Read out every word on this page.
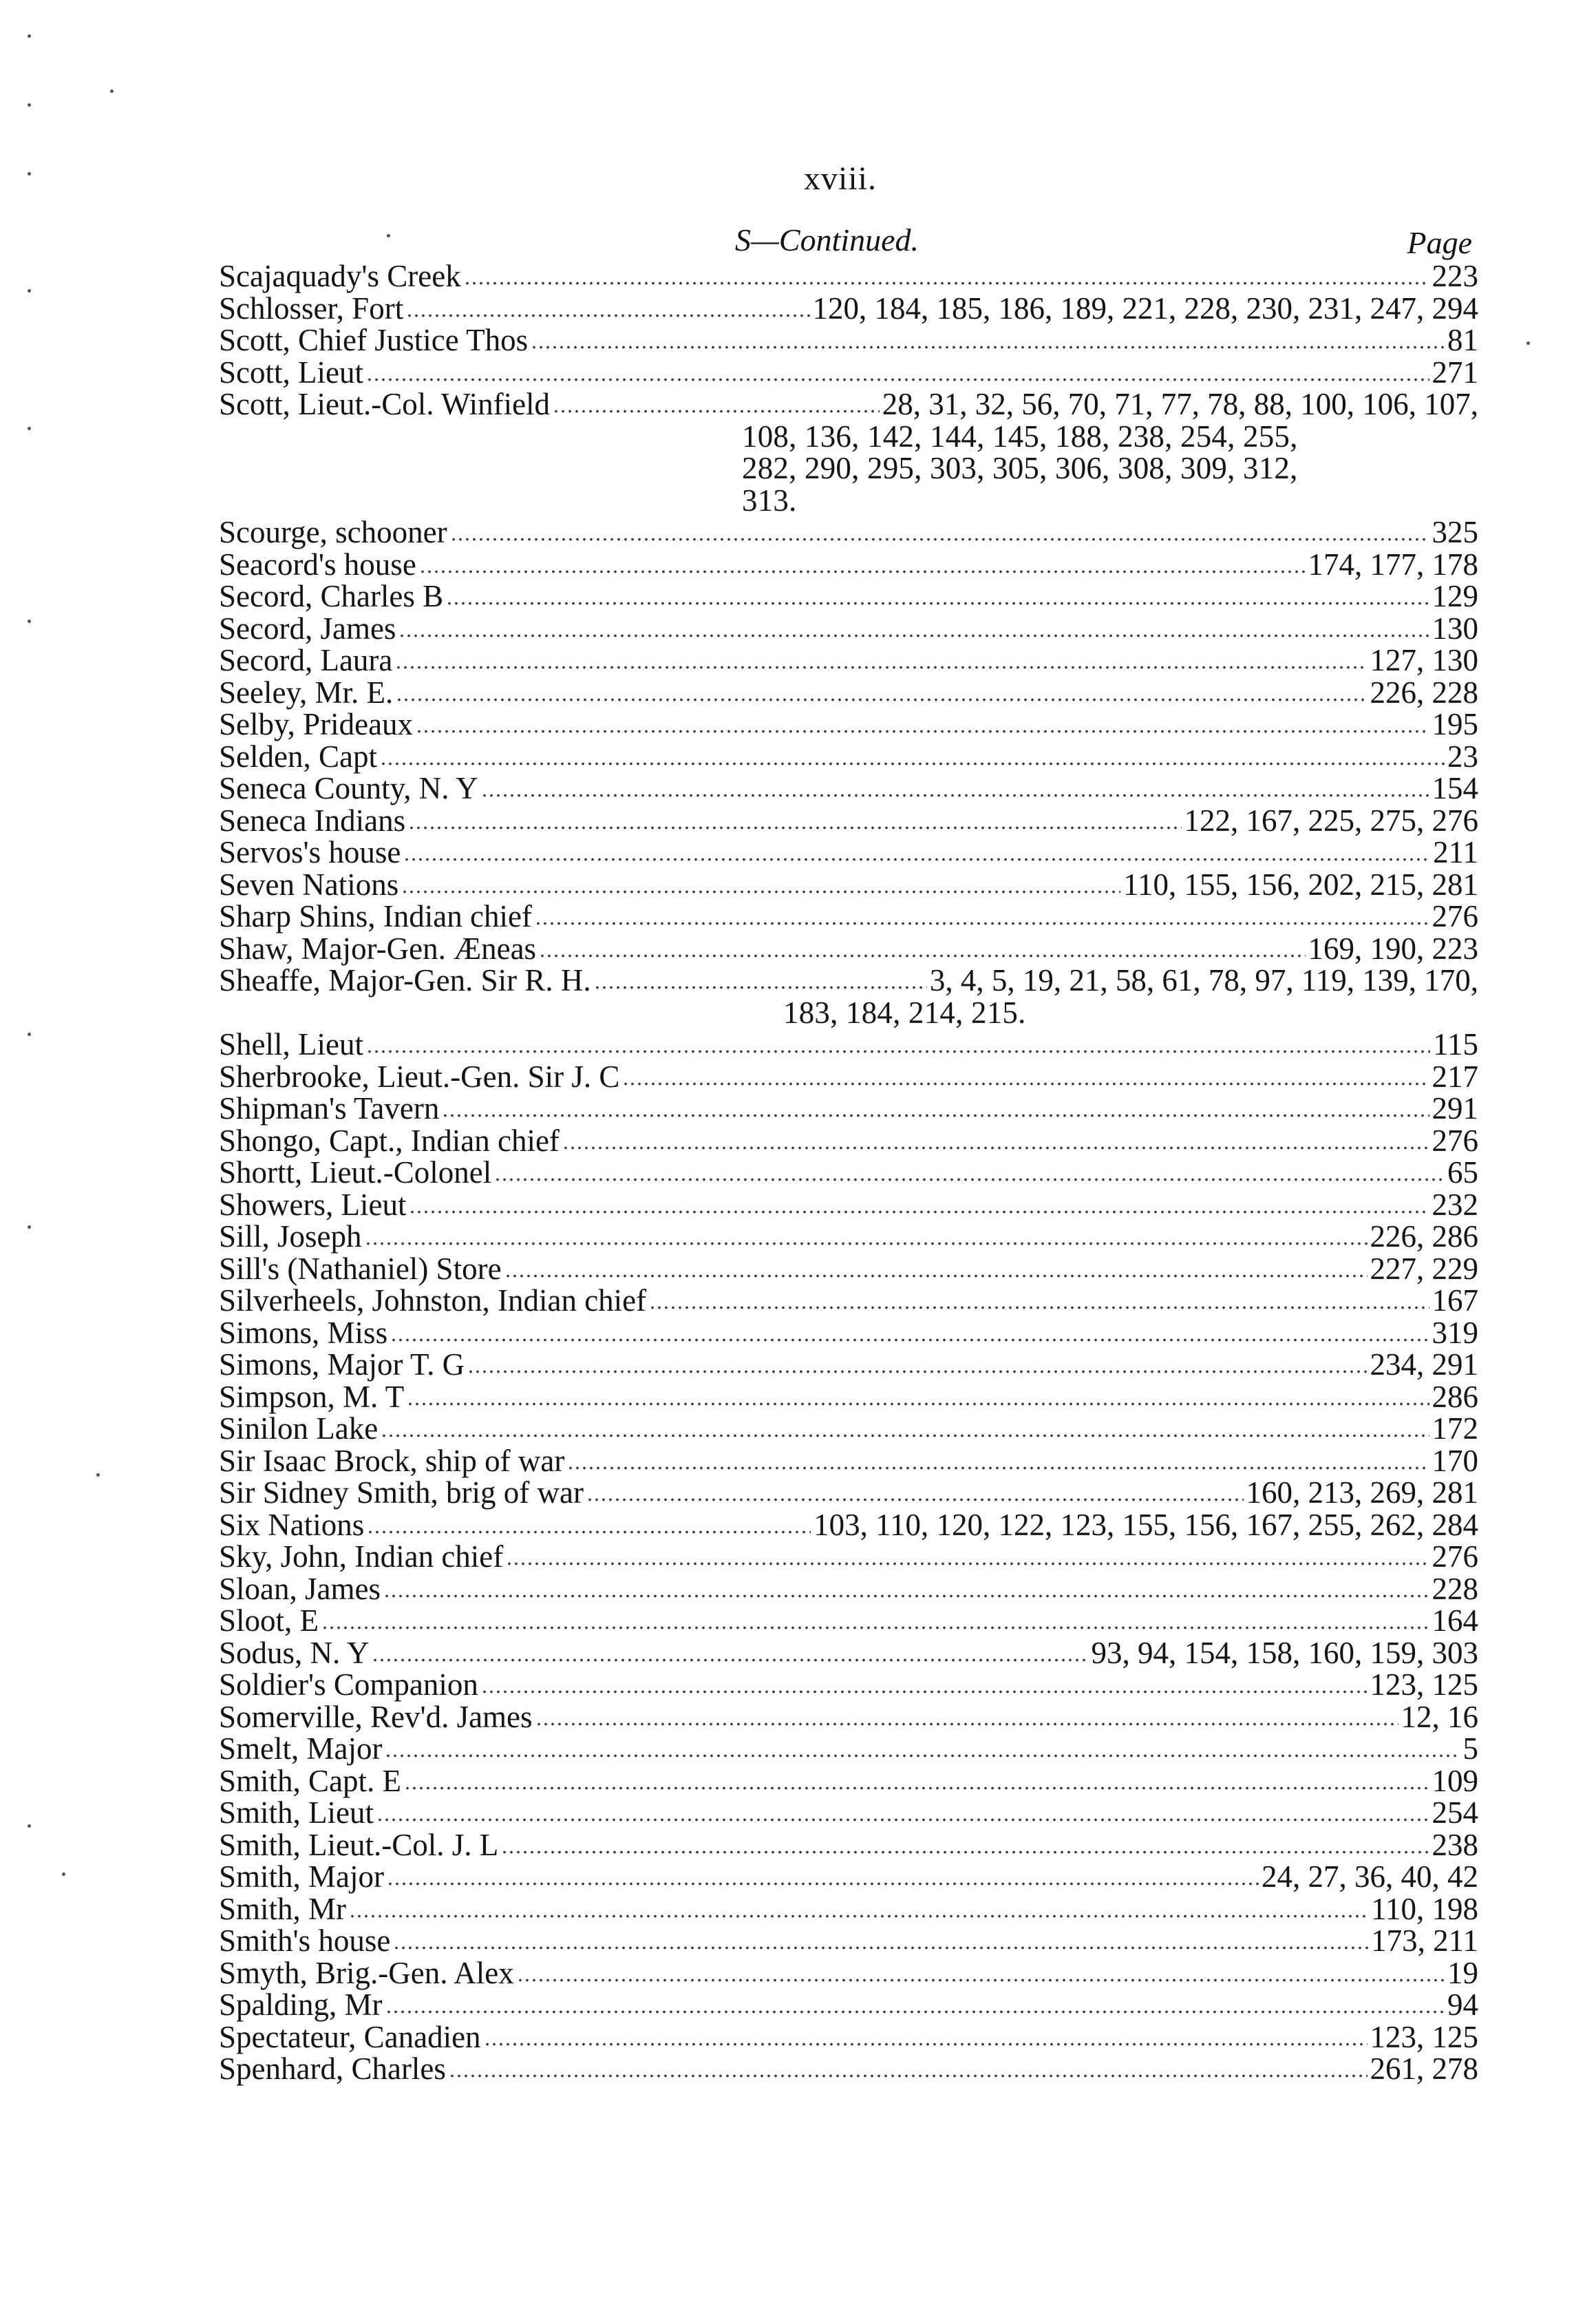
xviii.
S—Continued.	Page
Scajaquady's Creek	223
Schlosser, Fort	120, 184, 185, 186, 189, 221, 228, 230, 231, 247, 294
Scott, Chief Justice Thos	81
Scott, Lieut	271
Scott, Lieut.-Col. Winfield	28, 31, 32, 56, 70, 71, 77, 78, 88, 100, 106, 107,
108, 136, 142, 144, 145, 188, 238, 254, 255,
282, 290, 295, 303, 305, 306, 308, 309, 312,
313.
Scourge, schooner	325
Seacord's house	174, 177, 178
Secord, Charles B	129
Secord, James	130
Secord, Laura	127, 130
Seeley, Mr. E.	226, 228
Selby, Prideaux	195
Selden, Capt	23
Seneca County, N. Y	154
Seneca Indians	122, 167, 225, 275, 276
Servos's house	211
Seven Nations	110, 155, 156, 202, 215, 281
Sharp Shins, Indian chief	276
Shaw, Major-Gen. Æneas	169, 190, 223
Sheaffe, Major-Gen. Sir R. H.	3, 4, 5, 19, 21, 58, 61, 78, 97, 119, 139, 170,
183, 184, 214, 215.
Shell, Lieut	115
Sherbrooke, Lieut.-Gen. Sir J. C	217
Shipman's Tavern	291
Shongo, Capt., Indian chief	276
Shortt, Lieut.-Colonel	65
Showers, Lieut	232
Sill, Joseph	226, 286
Sill's (Nathaniel) Store	227, 229
Silverheels, Johnston, Indian chief	167
Simons, Miss	319
Simons, Major T. G	234, 291
Simpson, M. T	286
Sinilon Lake	172
Sir Isaac Brock, ship of war	170
Sir Sidney Smith, brig of war	160, 213, 269, 281
Six Nations	103, 110, 120, 122, 123, 155, 156, 167, 255, 262, 284
Sky, John, Indian chief	276
Sloan, James	228
Sloot, E	164
Sodus, N. Y	93, 94, 154, 158, 160, 159, 303
Soldier's Companion	123, 125
Somerville, Rev'd. James	12, 16
Smelt, Major	5
Smith, Capt. E	109
Smith, Lieut	254
Smith, Lieut.-Col. J. L	238
Smith, Major	24, 27, 36, 40, 42
Smith, Mr	110, 198
Smith's house	173, 211
Smyth, Brig.-Gen. Alex	19
Spalding, Mr	94
Spectateur, Canadien	123, 125
Spenhard, Charles	261, 278
